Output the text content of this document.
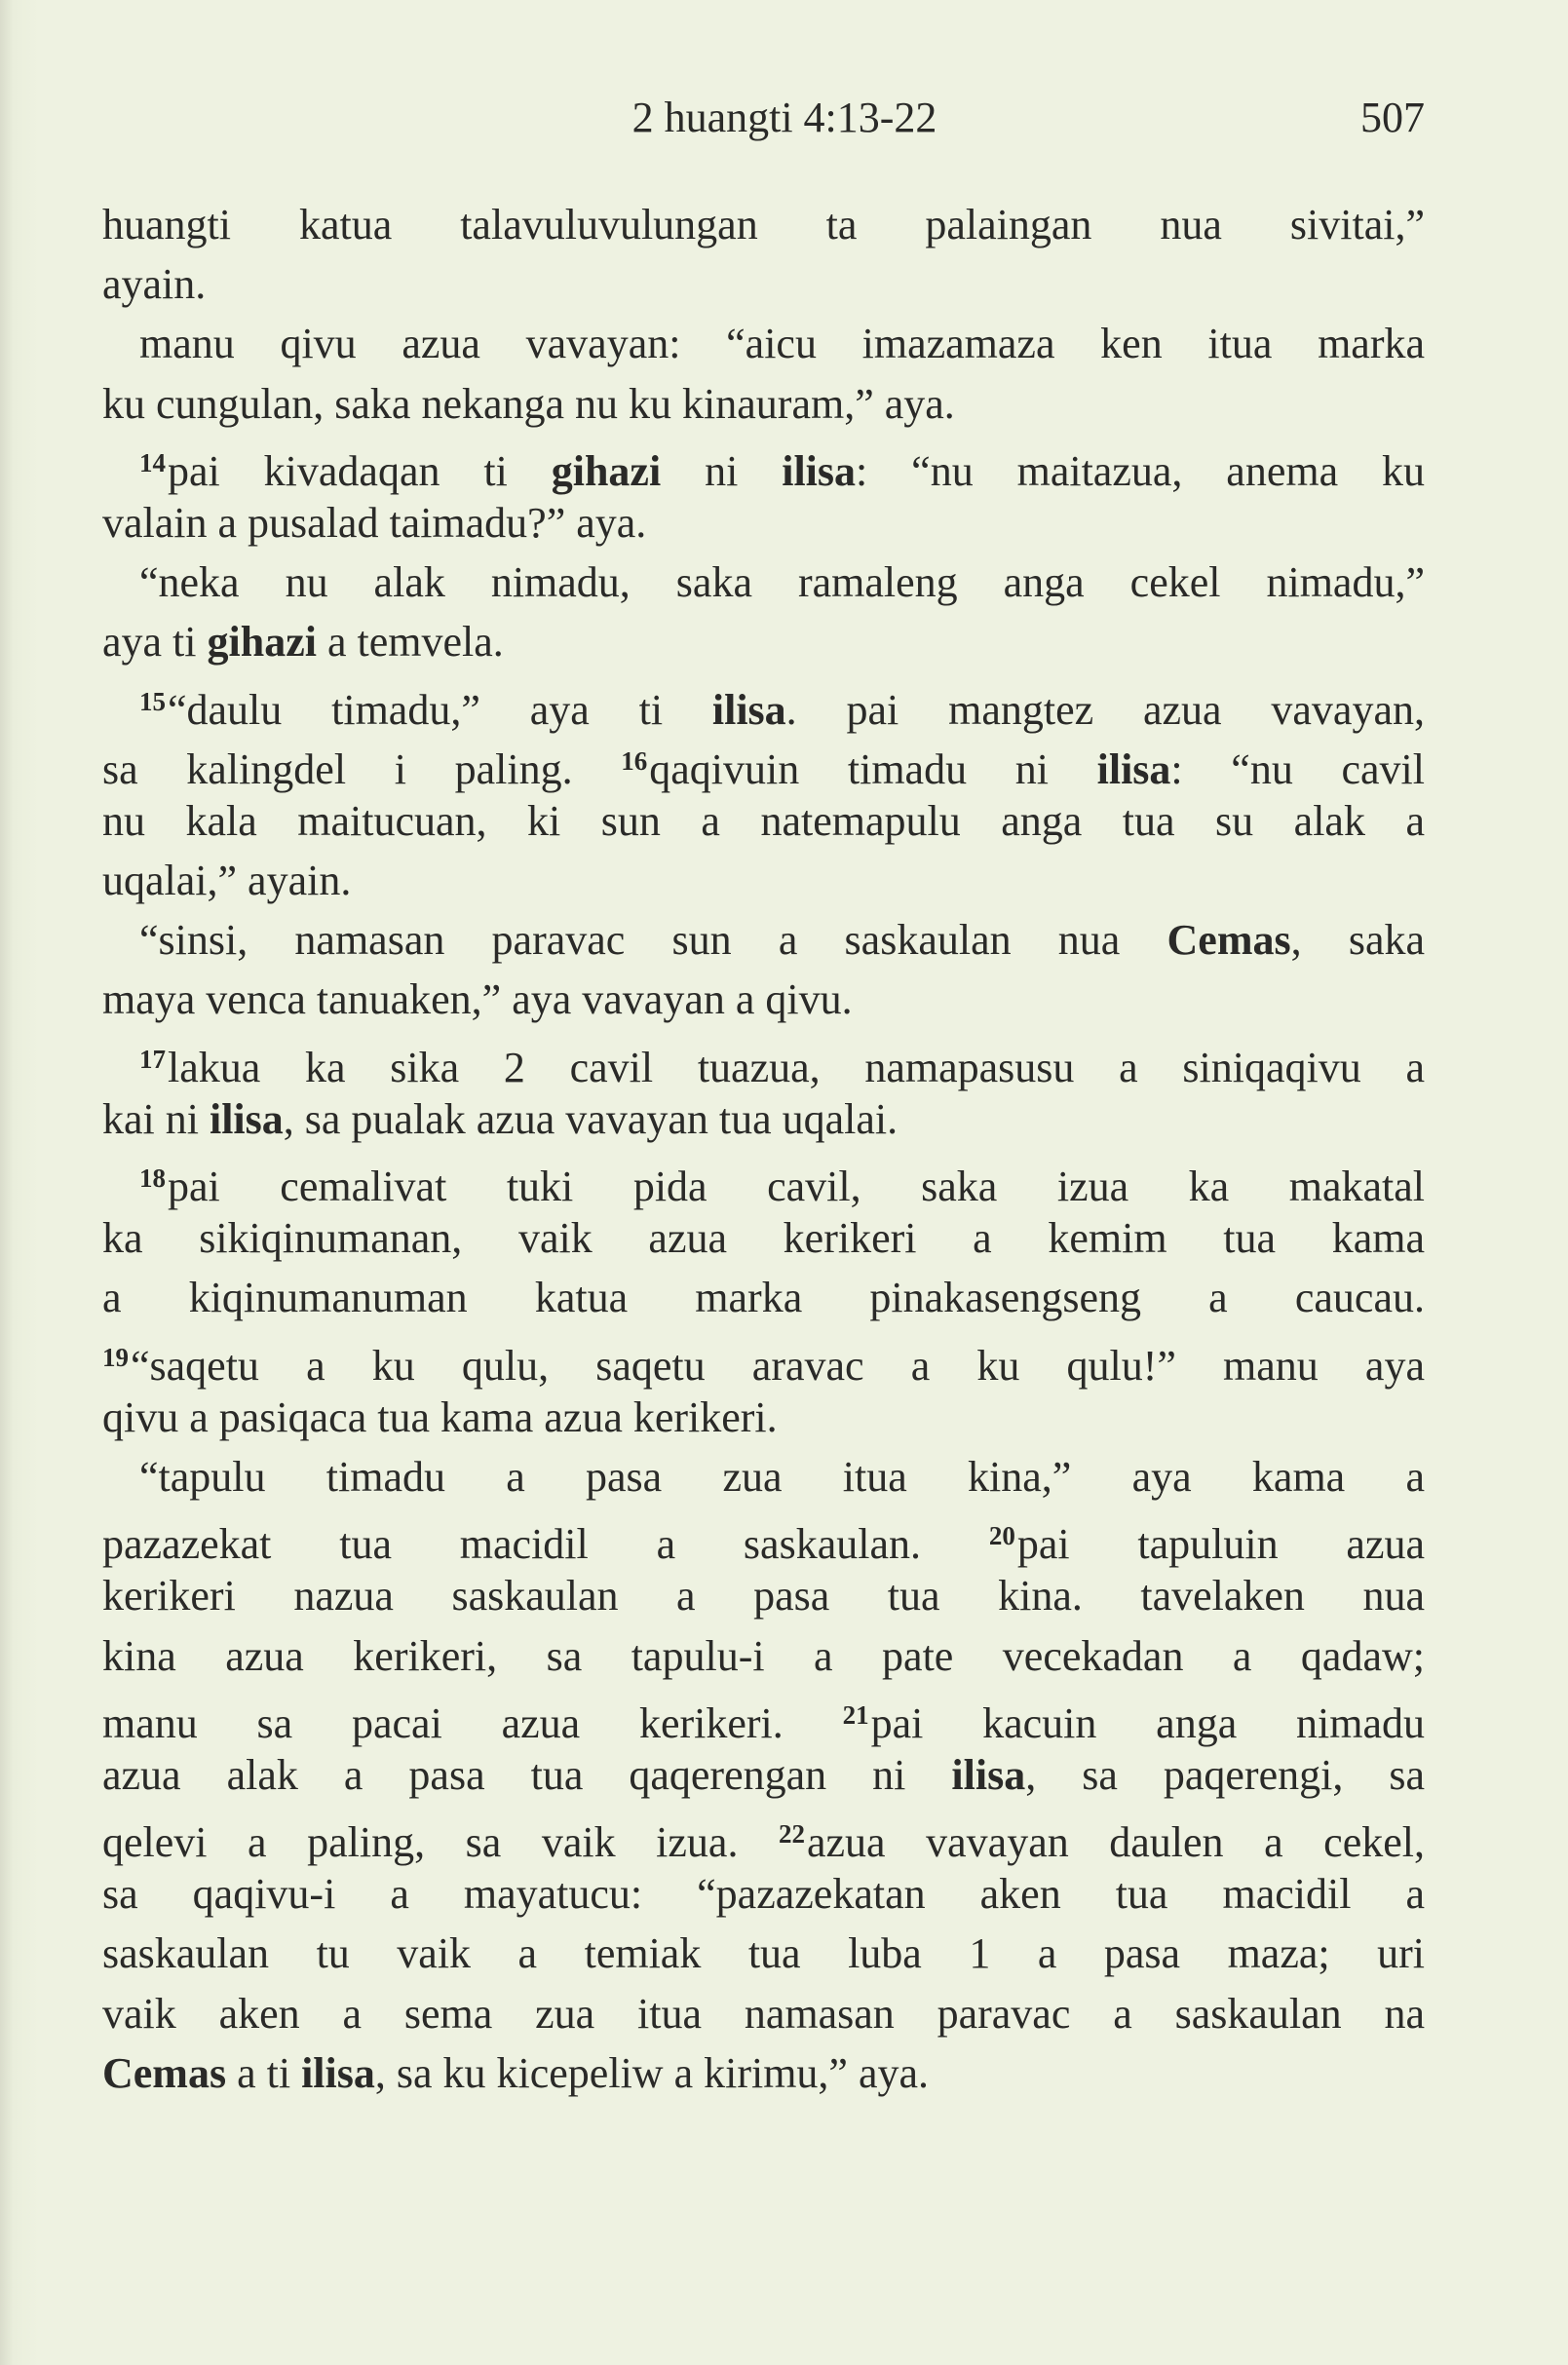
2 huangti 4:13-22	507
huangti katua talavuluvulungan ta palaingan nua sivitai,”
ayain.
manu qivu azua vavayan: “aicu imazamaza ken itua marka
ku cungulan, saka nekanga nu ku kinauram,” aya.
$^{14}$pai kivadaqan ti gihazi ni ilisa: “nu maitazua, anema ku
valain a pusalad taimadu?” aya.
“neka nu alak nimadu, saka ramaleng anga cekel nimadu,”
aya ti gihazi a temvela.
$^{15}$“daulu timadu,” aya ti ilisa. pai mangtez azua vavayan,
sa kalingdel i paling. $^{16}$qaqivuin timadu ni ilisa: “nu cavil
nu kala maitucuan, ki sun a natemapulu anga tua su alak a
uqalai,” ayain.
“sinsi, namasan paravac sun a saskaulan nua Cemas, saka
maya venca tanuaken,” aya vavayan a qivu.
$^{17}$lakua ka sika 2 cavil tuazua, namapasusu a siniqaqivu a
kai ni ilisa, sa pualak azua vavayan tua uqalai.
$^{18}$pai cemalivat tuki pida cavil, saka izua ka makatal
ka sikiqinumanan, vaik azua kerikeri a kemim tua kama
a kiqinumanuman katua marka pinakasengseng a caucau.
$^{19}$“saqetu a ku qulu, saqetu aravac a ku qulu!” manu aya
qivu a pasiqaca tua kama azua kerikeri.
“tapulu timadu a pasa zua itua kina,” aya kama a
pazazekat tua macidil a saskaulan. $^{20}$pai tapuluin azua
kerikeri nazua saskaulan a pasa tua kina. tavelaken nua
kina azua kerikeri, sa tapulu-i a pate vecekadan a qadaw;
manu sa pacai azua kerikeri. $^{21}$pai kacuin anga nimadu
azua alak a pasa tua qaqerengan ni ilisa, sa paqerengi, sa
qelevi a paling, sa vaik izua. $^{22}$azua vavayan daulen a cekel,
sa qaqivu-i a mayatucu: “pazazekatan aken tua macidil a
saskaulan tu vaik a temiak tua luba 1 a pasa maza; uri
vaik aken a sema zua itua namasan paravac a saskaulan na
Cemas a ti ilisa, sa ku kicepeliw a kirimu,” aya.
